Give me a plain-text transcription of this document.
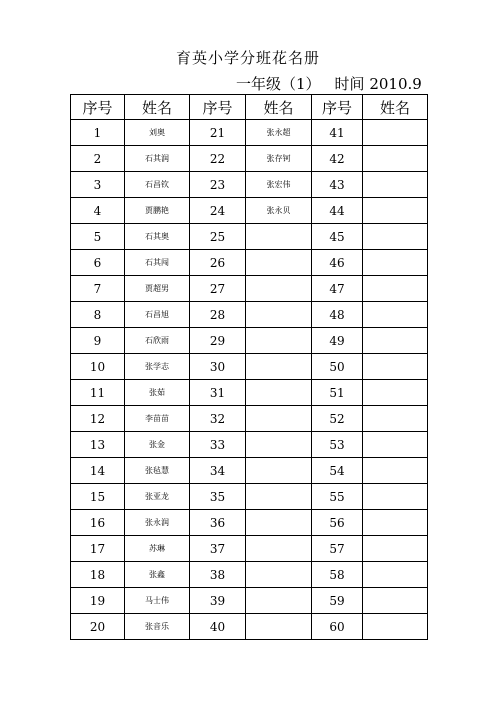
育英小学分班花名册
一年级（1） 时间 2010.9
序号	姓名	序号	姓名	序号	姓名
1	刘奥	21	张永超	41	
2	石其润	22	张存钶	42	
3	石昌钦	23	张宏伟	43	
4	贾鹏艳	24	张永贝	44	
5	石其奥	25		45	
6	石其闯	26		46	
7	贾超男	27		47	
8	石昌旭	28		48	
9	石欣雨	29		49	
10	张学志	30		50	
11	张茹	31		51	
12	李苗苗	32		52	
13	张金	33		53	
14	张毡慧	34		54	
15	张亚龙	35		55	
16	张永润	36		56	
17	苏琳	37		57	
18	张鑫	38		58	
19	马士伟	39		59	
20	张音乐	40		60	
